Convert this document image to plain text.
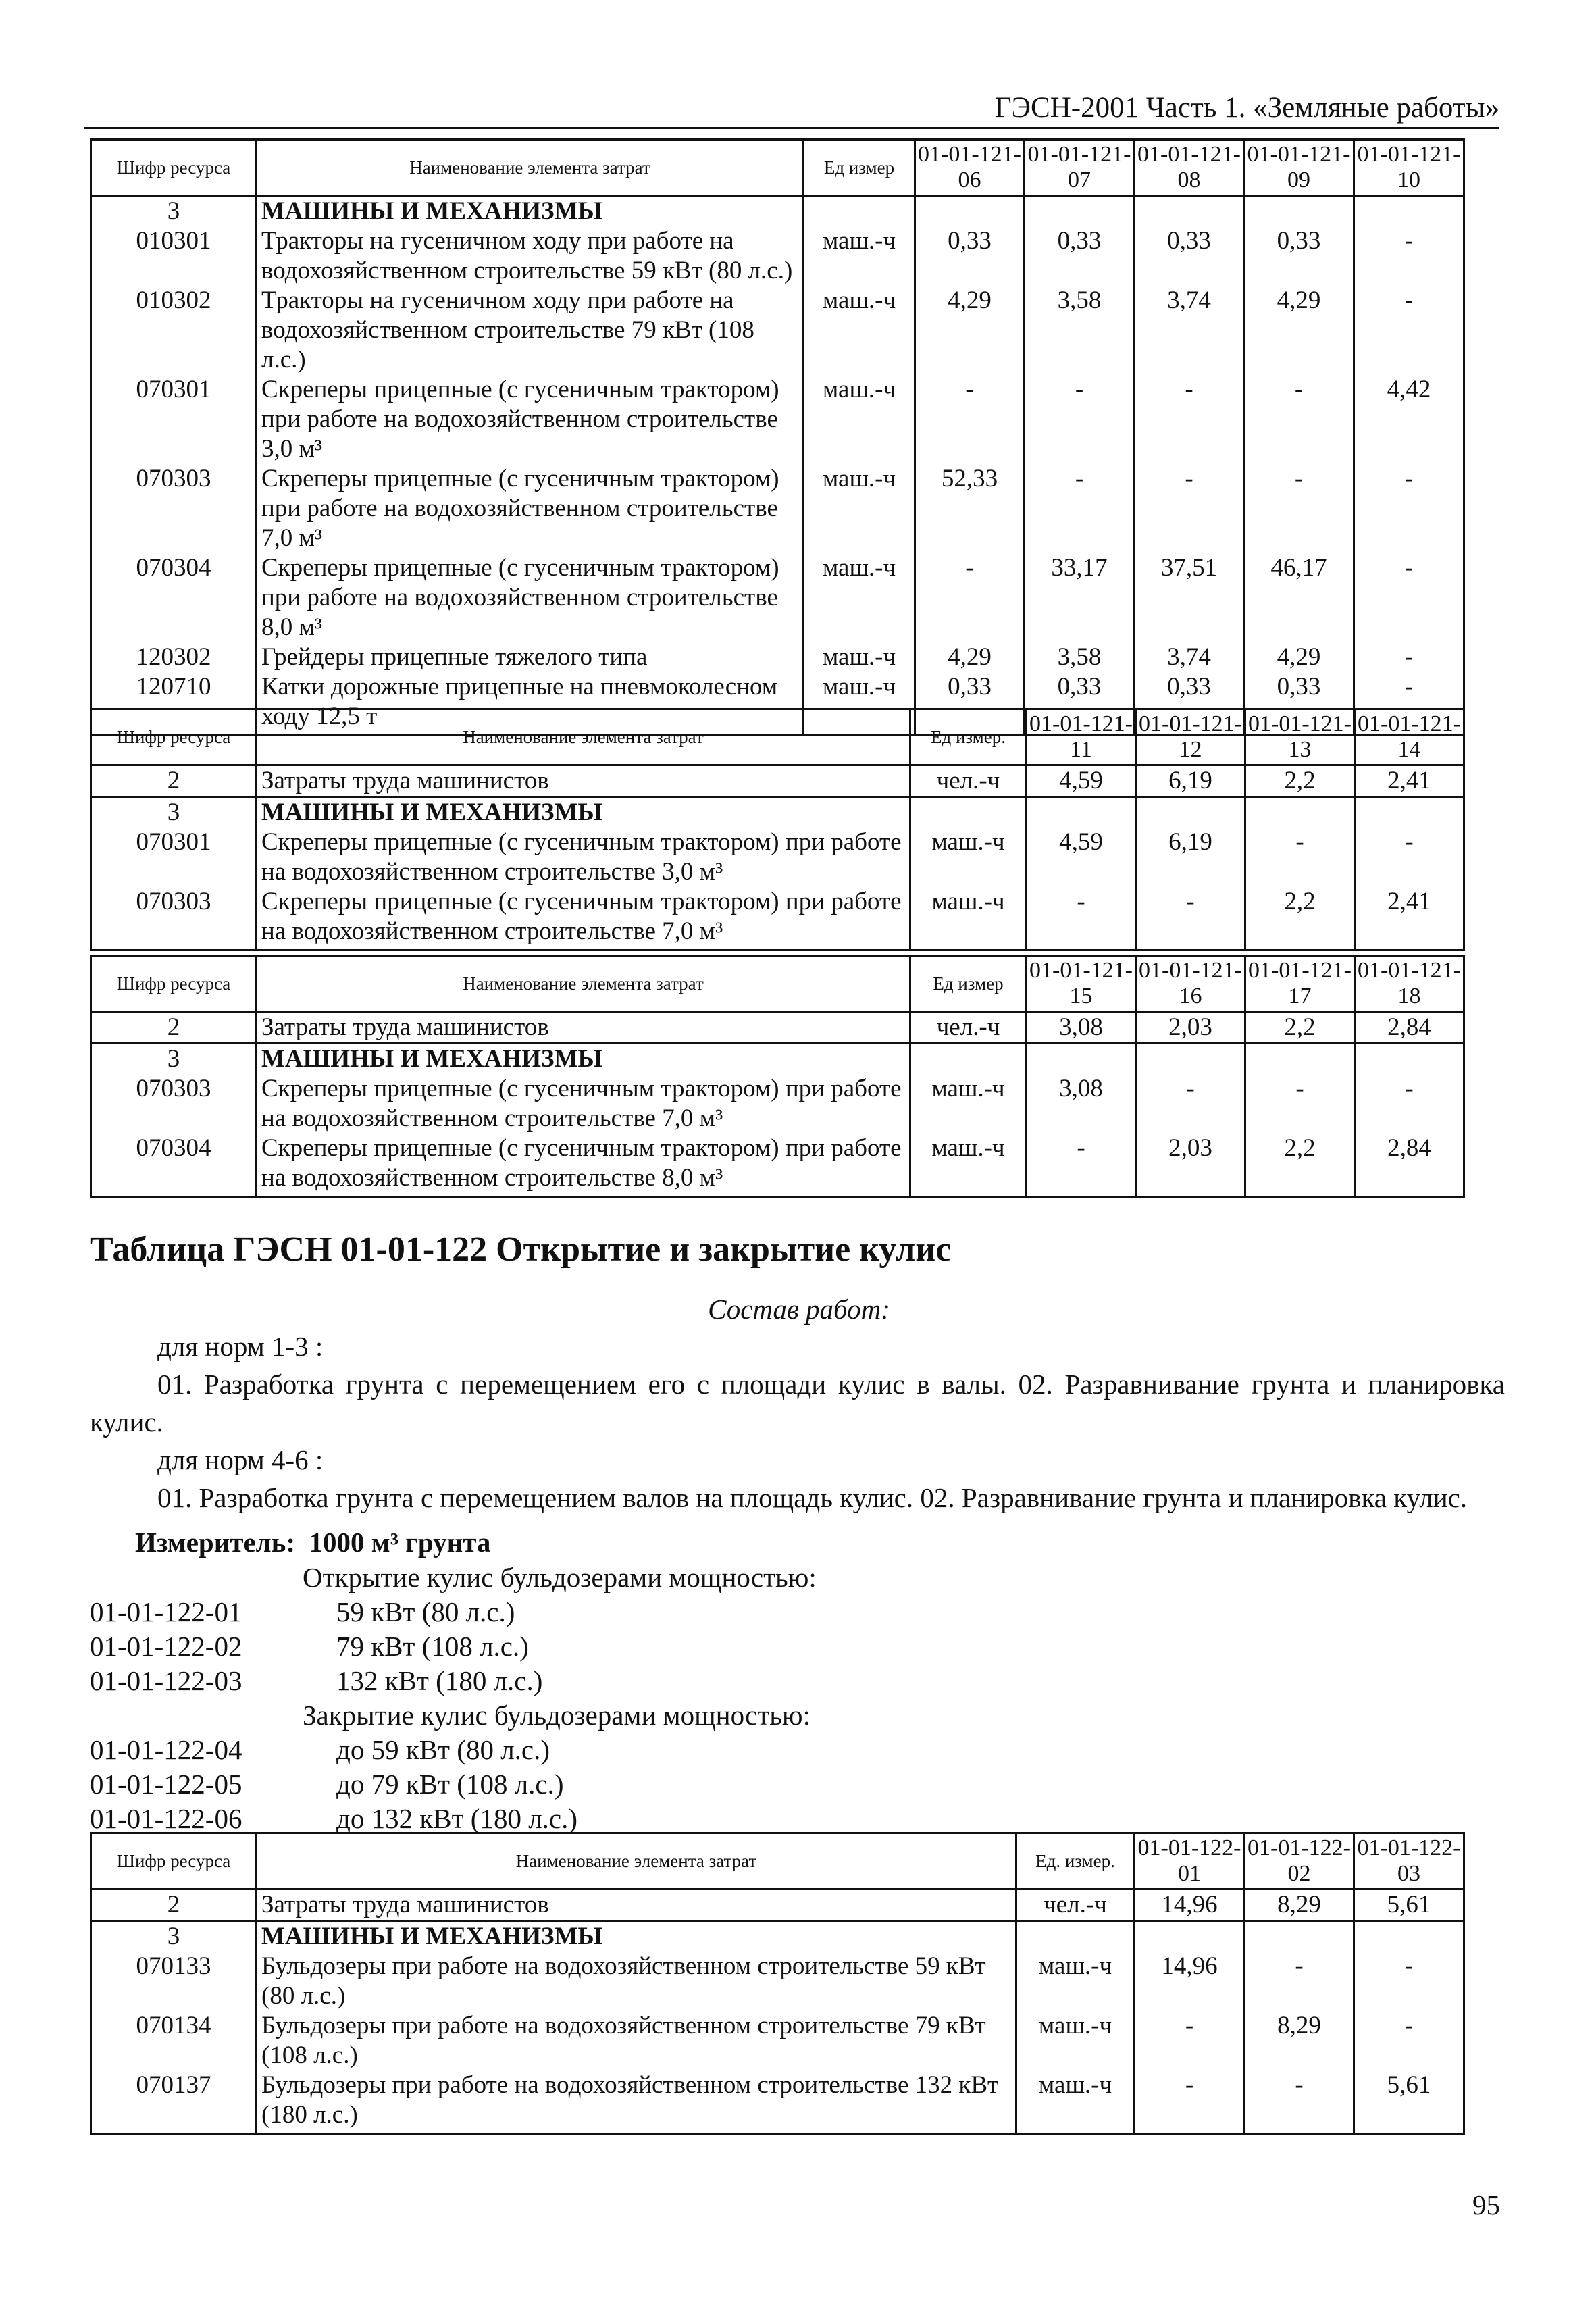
ГЭСН-2001 Часть 1. «Земляные работы»
Шифр ресурса	Наименование элемента затрат	Ед измер	01-01-121-06	01-01-121-07	01-01-121-08	01-01-121-09	01-01-121-10
3	МАШИНЫ И МЕХАНИЗМЫ						
010301	Тракторы на гусеничном ходу при работе на водохозяйственном строительстве 59 кВт (80 л.с.)	маш.-ч	0,33	0,33	0,33	0,33	-
010302	Тракторы на гусеничном ходу при работе на водохозяйственном строительстве 79 кВт (108 л.с.)	маш.-ч	4,29	3,58	3,74	4,29	-
070301	Скреперы прицепные (с гусеничным трактором) при работе на водохозяйственном строительстве 3,0 м³	маш.-ч	-	-	-	-	4,42
070303	Скреперы прицепные (с гусеничным трактором) при работе на водохозяйственном строительстве 7,0 м³	маш.-ч	52,33	-	-	-	-
070304	Скреперы прицепные (с гусеничным трактором) при работе на водохозяйственном строительстве 8,0 м³	маш.-ч	-	33,17	37,51	46,17	-
120302	Грейдеры прицепные тяжелого типа	маш.-ч	4,29	3,58	3,74	4,29	-
120710	Катки дорожные прицепные на пневмоколесном ходу 12,5 т	маш.-ч	0,33	0,33	0,33	0,33	-
Шифр ресурса	Наименование элемента затрат	Ед измер.	01-01-121-11	01-01-121-12	01-01-121-13	01-01-121-14
2	Затраты труда машинистов	чел.-ч	4,59	6,19	2,2	2,41
3	МАШИНЫ И МЕХАНИЗМЫ					
070301	Скреперы прицепные (с гусеничным трактором) при работе на водохозяйственном строительстве 3,0 м³	маш.-ч	4,59	6,19	-	-
070303	Скреперы прицепные (с гусеничным трактором) при работе на водохозяйственном строительстве 7,0 м³	маш.-ч	-	-	2,2	2,41
Шифр ресурса	Наименование элемента затрат	Ед измер	01-01-121-15	01-01-121-16	01-01-121-17	01-01-121-18
2	Затраты труда машинистов	чел.-ч	3,08	2,03	2,2	2,84
3	МАШИНЫ И МЕХАНИЗМЫ					
070303	Скреперы прицепные (с гусеничным трактором) при работе на водохозяйственном строительстве 7,0 м³	маш.-ч	3,08	-	-	-
070304	Скреперы прицепные (с гусеничным трактором) при работе на водохозяйственном строительстве 8,0 м³	маш.-ч	-	2,03	2,2	2,84
Таблица ГЭСН 01-01-122 Открытие и закрытие кулис
Состав работ:
для норм 1-3 :
01. Разработка грунта с перемещением его с площади кулис в валы. 02. Разравнивание грунта и планировка кулис.
для норм 4-6 :
01. Разработка грунта с перемещением валов на площадь кулис. 02. Разравнивание грунта и планировка кулис.
Измеритель: 1000 м³ грунта
Открытие кулис бульдозерами мощностью:
01-01-122-01	59 кВт (80 л.с.)
01-01-122-02	79 кВт (108 л.с.)
01-01-122-03	132 кВт (180 л.с.)
Закрытие кулис бульдозерами мощностью:
01-01-122-04	до 59 кВт (80 л.с.)
01-01-122-05	до 79 кВт (108 л.с.)
01-01-122-06	до 132 кВт (180 л.с.)
Шифр ресурса	Наименование элемента затрат	Ед. измер.	01-01-122-01	01-01-122-02	01-01-122-03
2	Затраты труда машинистов	чел.-ч	14,96	8,29	5,61
3	МАШИНЫ И МЕХАНИЗМЫ				
070133	Бульдозеры при работе на водохозяйственном строительстве 59 кВт (80 л.с.)	маш.-ч	14,96	-	-
070134	Бульдозеры при работе на водохозяйственном строительстве 79 кВт (108 л.с.)	маш.-ч	-	8,29	-
070137	Бульдозеры при работе на водохозяйственном строительстве 132 кВт (180 л.с.)	маш.-ч	-	-	5,61
95
